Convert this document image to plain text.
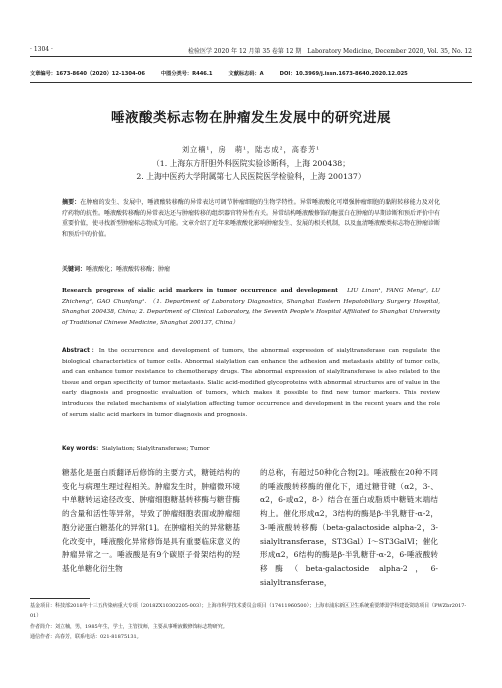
· 1304 ·	检验医学 2020 年 12 月第 35 卷第 12 期　Laboratory Medicine, December 2020, Vol. 35, No. 12
文章编号：1673-8640（2020）12-1304-06	中图分类号：R446.1	文献标志码：A	DOI：10.3969/j.issn.1673-8640.2020.12.025
唾液酸类标志物在肿瘤发生发展中的研究进展
刘立楠¹，房　萌¹，陆志成²，高春芳¹
（1. 上海东方肝胆外科医院实验诊断科，上海 200438；
2. 上海中医药大学附属第七人民医院医学检验科，上海 200137）
摘要：在肿瘤的发生、发展中，唾液酸转移酶的异常表达可调节肿瘤细胞的生物学特性。异常唾液酸化可增强肿瘤细胞的黏附转移能力及对化疗药物的抗性。唾液酸转移酶的异常表达还与肿瘤转移的组织器官特异性有关。异常结构唾液酸修饰的糖蛋白在肿瘤的早期诊断和预后评价中有重要价值，使寻找新型肿瘤标志物成为可能。文章介绍了近年来唾液酸化影响肿瘤发生、发展的相关机制，以及血清唾液酸类标志物在肿瘤诊断和预后中的价值。
关键词：唾液酸化；唾液酸转移酶；肿瘤
Research progress of sialic acid markers in tumor occurrence and development　LIU Linan¹, FANG Meng¹, LU Zhicheng², GAO Chunfang¹. （1. Department of Laboratory Diagnostics, Shanghai Eastern Hepatobiliary Surgery Hospital, Shanghai 200438, China; 2. Department of Clinical Laboratory, the Seventh People's Hospital Affiliated to Shanghai University of Traditional Chinese Medicine, Shanghai 200137, China）
Abstract：In the occurrence and development of tumors, the abnormal expression of sialyltransferase can regulate the biological characteristics of tumor cells. Abnormal sialylation can enhance the adhesion and metastasis ability of tumor cells, and can enhance tumor resistance to chemotherapy drugs. The abnormal expression of sialyltransferase is also related to the tissue and organ specificity of tumor metastasis. Sialic acid-modified glycoproteins with abnormal structures are of value in the early diagnosis and prognostic evaluation of tumors, which makes it possible to find new tumor markers. This review introduces the related mechanisms of sialylation affecting tumor occurrence and development in the recent years and the role of serum sialic acid markers in tumor diagnosis and prognosis.
Key words：Sialylation; Sialyltransferase; Tumor
糖基化是蛋白质翻译后修饰的主要方式，糖链结构的变化与病理生理过程相关。肿瘤发生时，肿瘤微环境中单糖转运途径改变、肿瘤细胞糖基转移酶与糖苷酶的含量和活性等异常，导致了肿瘤细胞表面或肿瘤细胞分泌蛋白糖基化的异常[1]。在肿瘤相关的异常糖基化改变中，唾液酸化异常修饰是具有重要临床意义的肿瘤异常之一。唾液酸是有9个碳原子骨架结构的羟基化单糖化衍生物
的总称，有超过50种化合物[2]。唾液酸在20种不同的唾液酸转移酶的催化下，通过糖苷键（α2，3-、α2，6-或α2，8-）结合在蛋白或脂质中糖链末端结构上。催化形成α2，3结构的酶是β-半乳糖苷-α-2，3-唾液酸转移酶（beta-galactoside alpha-2，3-sialyltransferase，ST3Gal）Ⅰ～ST3GalⅥ；催化形成α2，6结构的酶是β-半乳糖苷-α-2，6-唾液酸转移酶（beta-galactoside alpha-2，6-sialyltransferase，
基金项目：科技部2018年十三五传染病重大专项（2018ZX10302205-003）；上海市科学技术委员会项目（17411960500）；上海市浦东新区卫生系统重要薄弱学科建设资助项目（PWZbr2017-01）
作者简介：刘立楠，男，1985年生，学士，主管技师，主要从事唾液酸修饰标志物研究。
通信作者：高春芳，联系电话：021-81875131。
